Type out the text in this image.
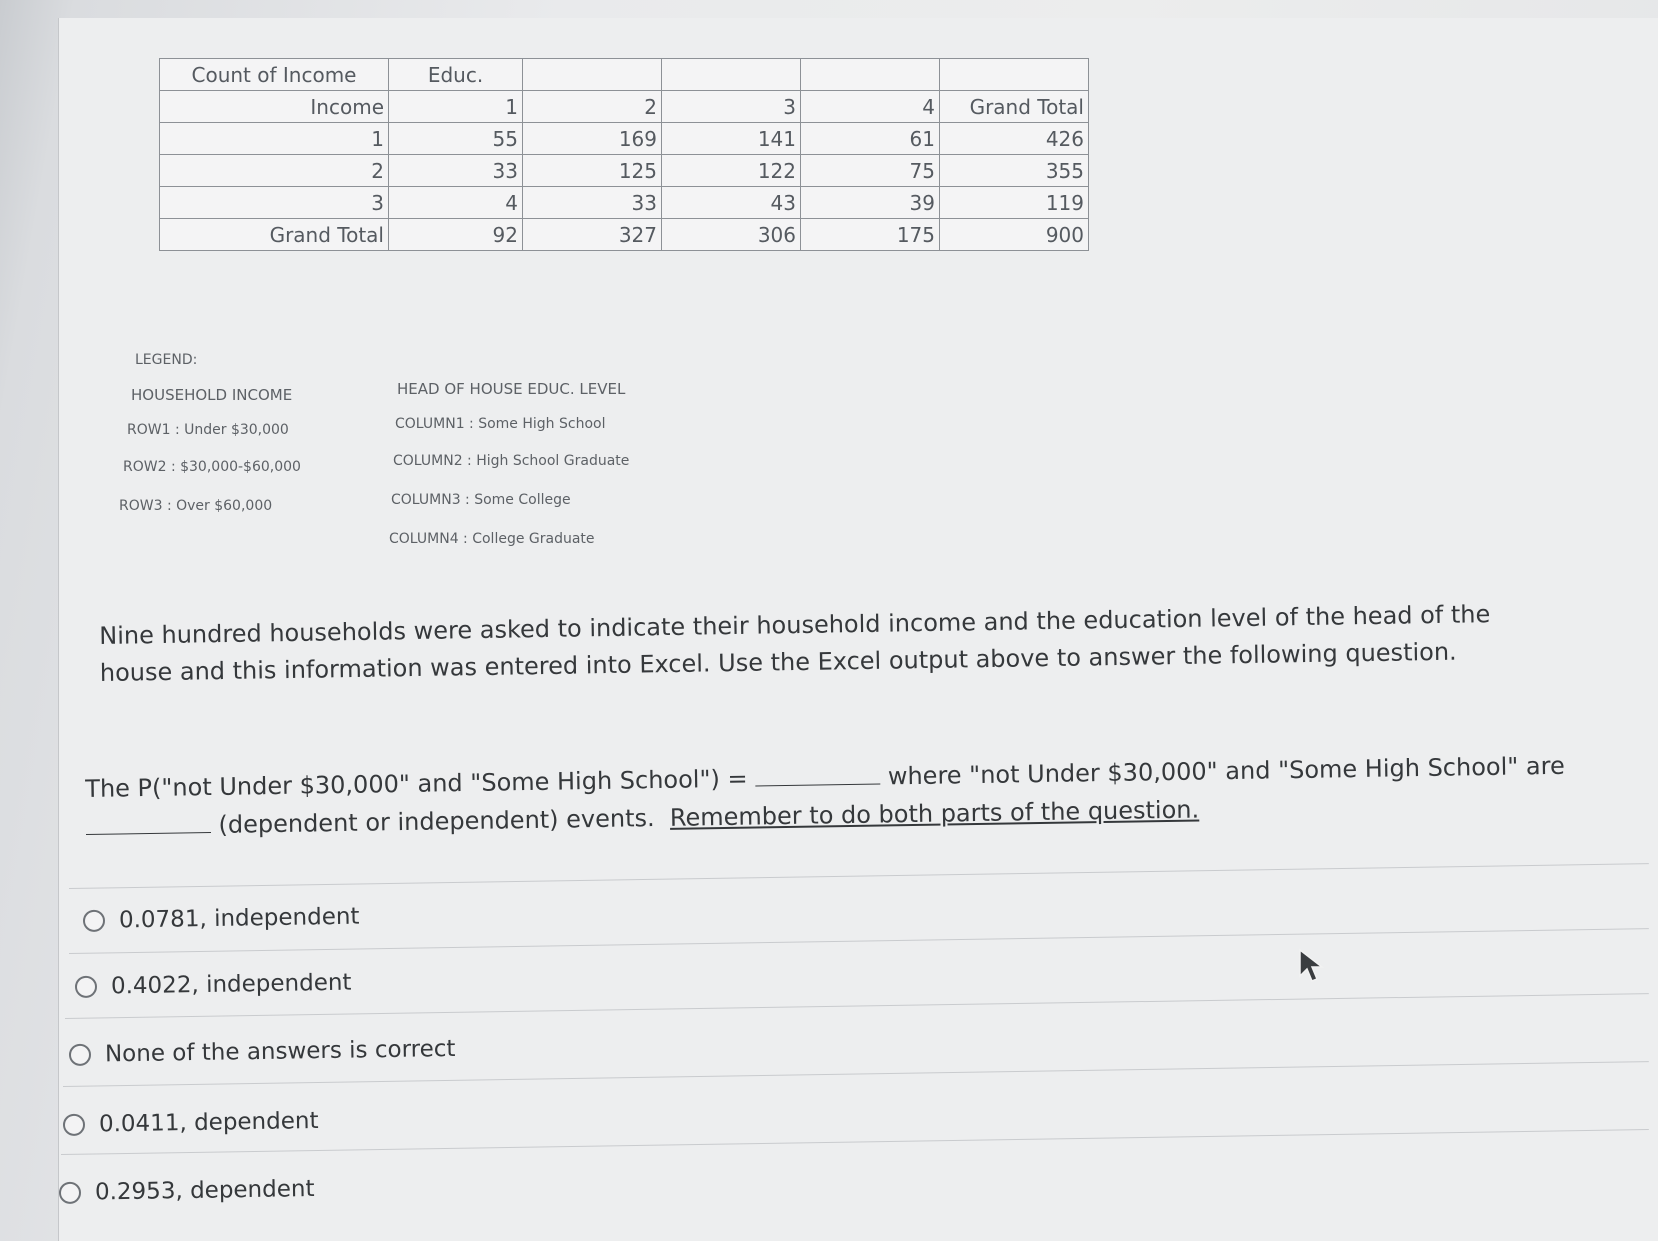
Count of Income	Educ.				
Income	1	2	3	4	Grand Total
1	55	169	141	61	426
2	33	125	122	75	355
3	4	33	43	39	119
Grand Total	92	327	306	175	900
LEGEND:
HOUSEHOLD INCOME
ROW1 : Under $30,000
ROW2 : $30,000-$60,000
ROW3 : Over $60,000
HEAD OF HOUSE EDUC. LEVEL
COLUMN1 : Some High School
COLUMN2 : High School Graduate
COLUMN3 : Some College
COLUMN4 : College Graduate
Nine hundred households were asked to indicate their household income and the education level of the head of the house and this information was entered into Excel. Use the Excel output above to answer the following question.
The P("not Under $30,000" and "Some High School") =	where "not Under $30,000" and "Some High School" are  (dependent or independent) events. Remember to do both parts of the question.
0.0781, independent
0.4022, independent
None of the answers is correct
0.0411, dependent
0.2953, dependent
